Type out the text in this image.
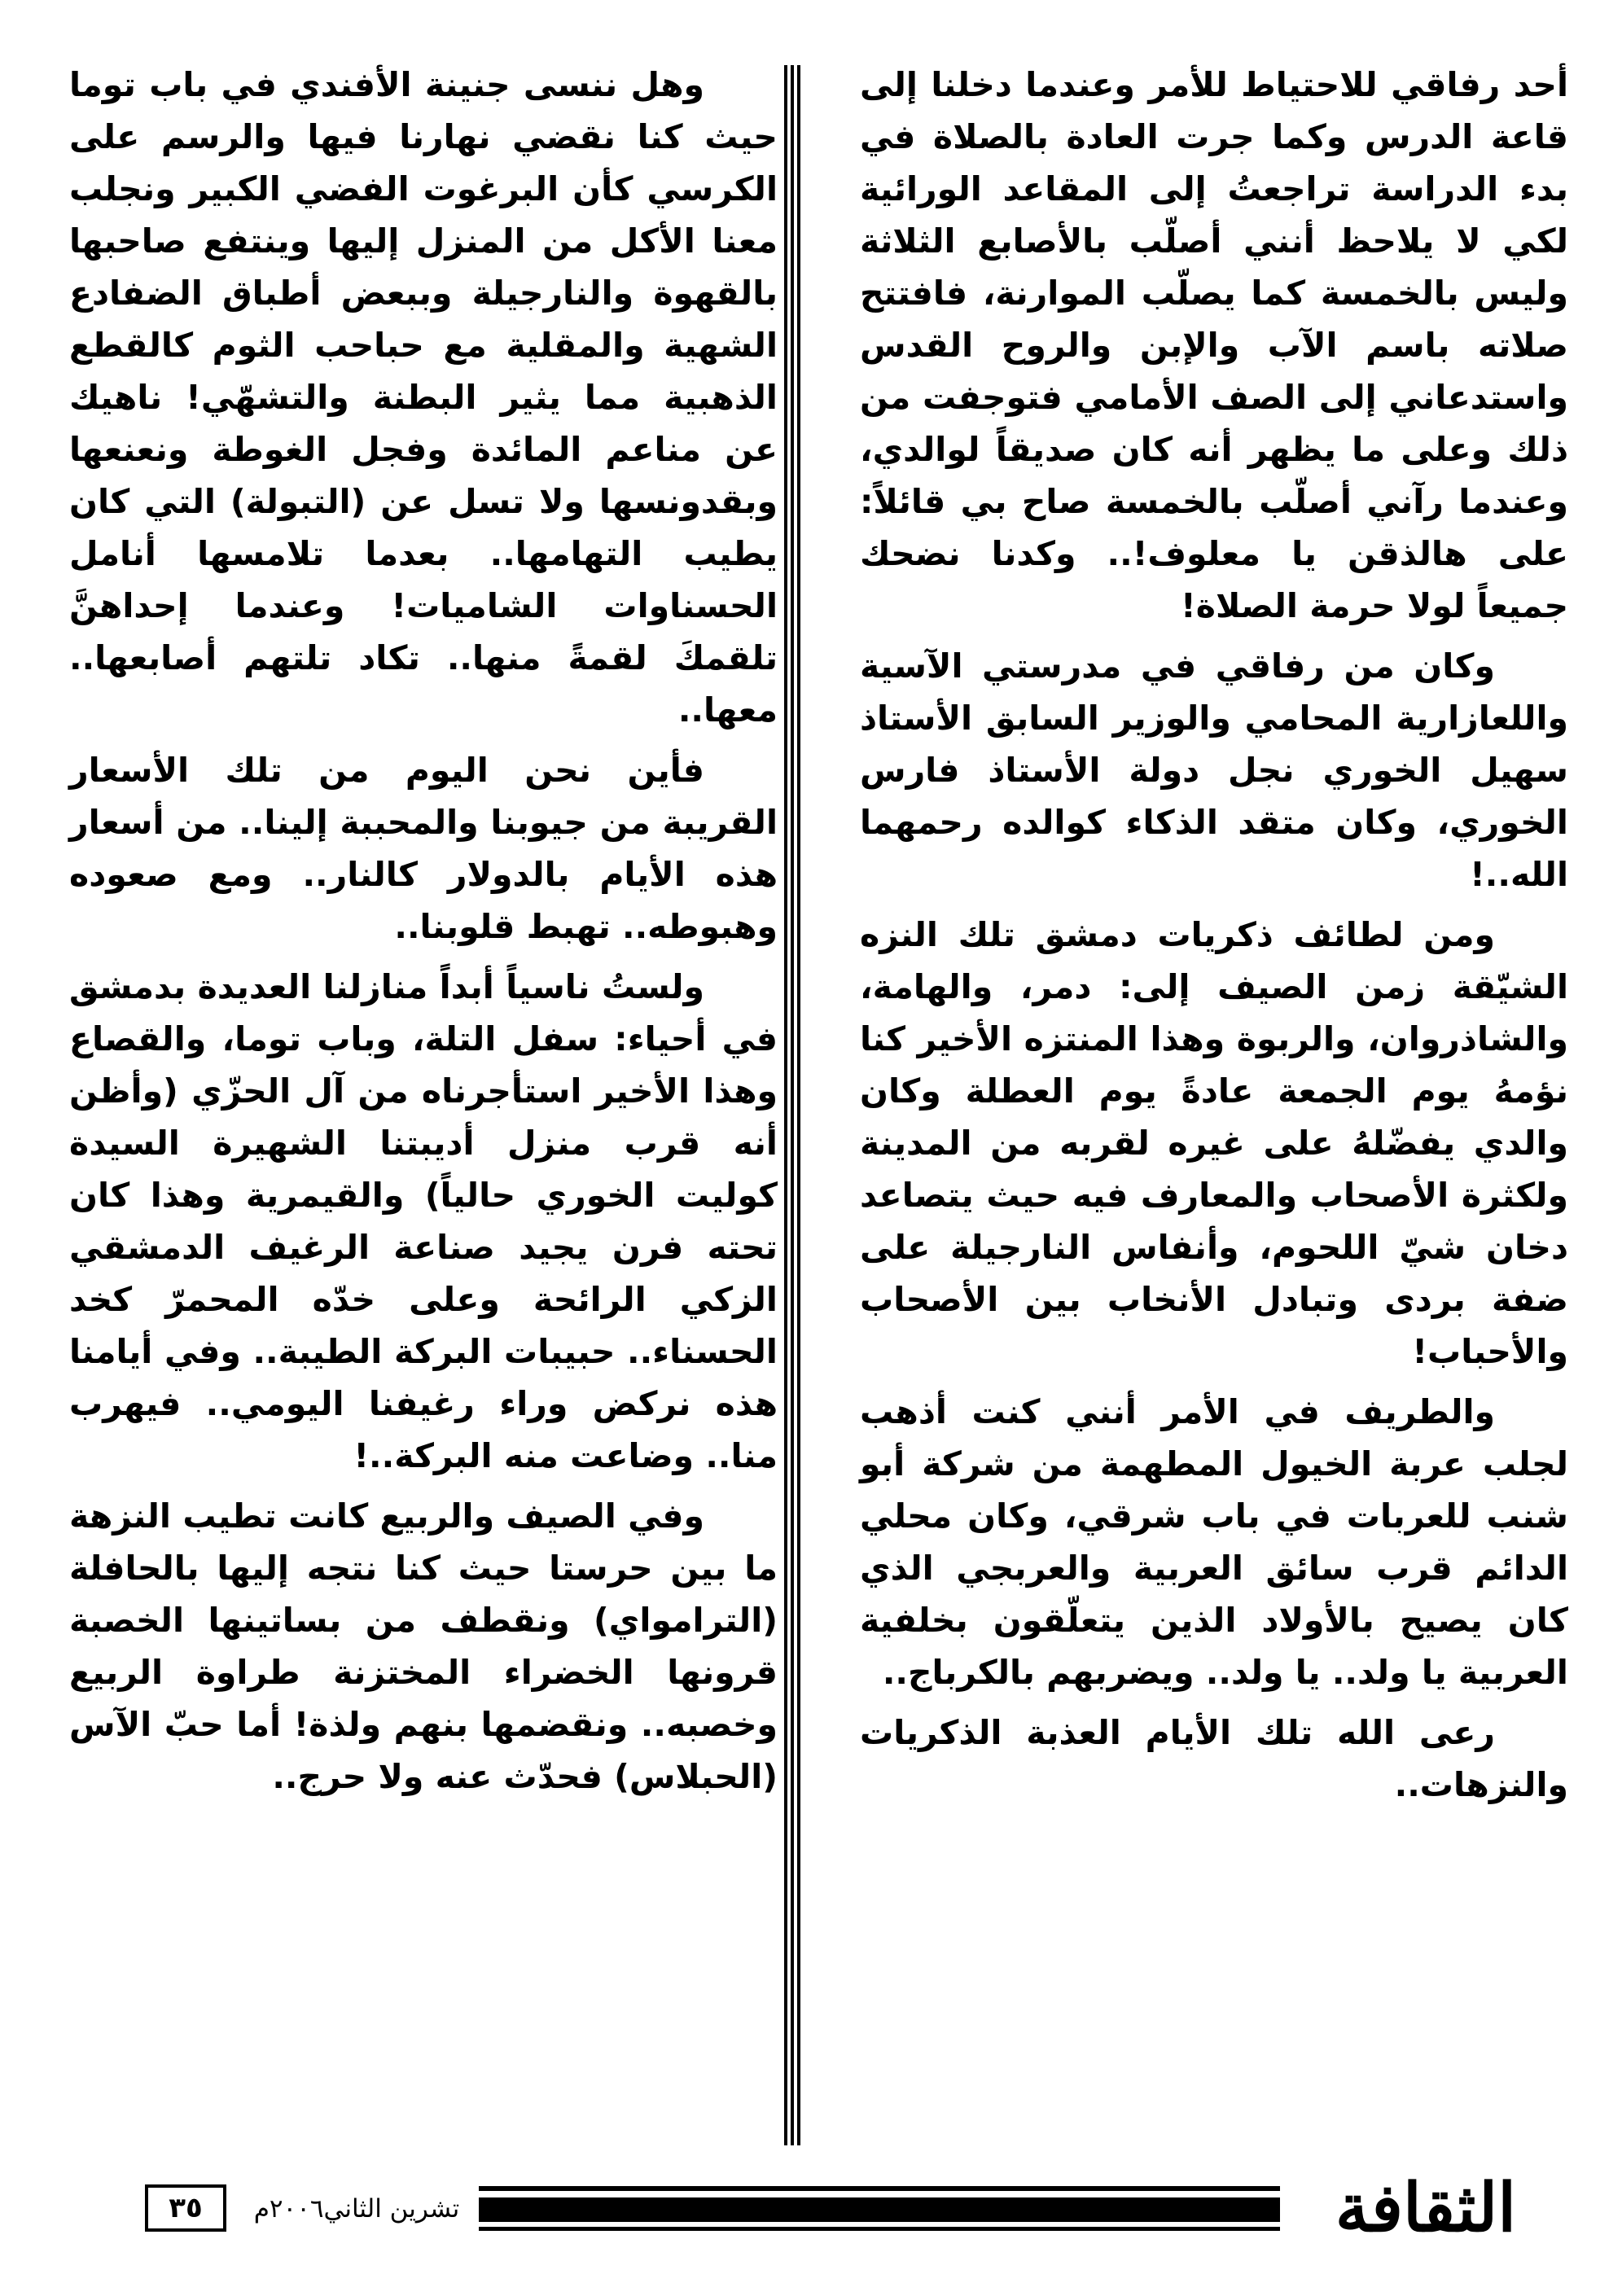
أحد رفاقي للاحتياط للأمر وعندما دخلنا إلى قاعة الدرس وكما جرت العادة بالصلاة في بدء الدراسة تراجعتُ إلى المقاعد الورائية لكي لا يلاحظ أنني أصلّب بالأصابع الثلاثة وليس بالخمسة كما يصلّب الموارنة، فافتتح صلاته باسم الآب والإبن والروح القدس واستدعاني إلى الصف الأمامي فتوجفت من ذلك وعلى ما يظهر أنه كان صديقاً لوالدي، وعندما رآني أصلّب بالخمسة صاح بي قائلاً: على هالذقن يا معلوف!.. وكدنا نضحك جميعاً لولا حرمة الصلاة!

وكان من رفاقي في مدرستي الآسية واللعازارية المحامي والوزير السابق الأستاذ سهيل الخوري نجل دولة الأستاذ فارس الخوري، وكان متقد الذكاء كوالده رحمهما الله..!

ومن لطائف ذكريات دمشق تلك النزه الشيّقة زمن الصيف إلى: دمر، والهامة، والشاذروان، والربوة وهذا المنتزه الأخير كنا نؤمهُ يوم الجمعة عادةً يوم العطلة وكان والدي يفضّلهُ على غيره لقربه من المدينة ولكثرة الأصحاب والمعارف فيه حيث يتصاعد دخان شيّ اللحوم، وأنفاس النارجيلة على ضفة بردى وتبادل الأنخاب بين الأصحاب والأحباب!

والطريف في الأمر أنني كنت أذهب لجلب عربة الخيول المطهمة من شركة أبو شنب للعربات في باب شرقي، وكان محلي الدائم قرب سائق العربية والعربجي الذي كان يصيح بالأولاد الذين يتعلّقون بخلفية العربية يا ولد.. يا ولد.. ويضربهم بالكرباج..

رعى الله تلك الأيام العذبة الذكريات والنزهات..

وهل ننسى جنينة الأفندي في باب توما حيث كنا نقضي نهارنا فيها والرسم على الكرسي كأن البرغوت الفضي الكبير ونجلب معنا الأكل من المنزل إليها وينتفع صاحبها بالقهوة والنارجيلة وببعض أطباق الضفادع الشهية والمقلية مع حباحب الثوم كالقطع الذهبية مما يثير البطنة والتشهّي! ناهيك عن مناعم المائدة وفجل الغوطة ونعنعها وبقدونسها ولا تسل عن (التبولة) التي كان يطيب التهامها.. بعدما تلامسها أنامل الحسناوات الشاميات! وعندما إحداهنَّ تلقمكَ لقمةً منها.. تكاد تلتهم أصابعها.. معها..

فأين نحن اليوم من تلك الأسعار القريبة من جيوبنا والمحببة إلينا.. من أسعار هذه الأيام بالدولار كالنار.. ومع صعوده وهبوطه.. تهبط قلوبنا..

ولستُ ناسياً أبداً منازلنا العديدة بدمشق في أحياء: سفل التلة، وباب توما، والقصاع وهذا الأخير استأجرناه من آل الحزّي (وأظن أنه قرب منزل أديبتنا الشهيرة السيدة كوليت الخوري حالياً) والقيمرية وهذا كان تحته فرن يجيد صناعة الرغيف الدمشقي الزكي الرائحة وعلى خدّه المحمرّ كخد الحسناء.. حبيبات البركة الطيبة.. وفي أيامنا هذه نركض وراء رغيفنا اليومي.. فيهرب منا.. وضاعت منه البركة..!

وفي الصيف والربيع كانت تطيب النزهة ما بين حرستا حيث كنا نتجه إليها بالحافلة (الترامواي) ونقطف من بساتينها الخصبة قرونها الخضراء المختزنة طراوة الربيع وخصبه.. ونقضمها بنهم ولذة! أما حبّ الآس (الحبلاس) فحدّث عنه ولا حرج..

الثقافة
تشرين الثاني٢٠٠٦م
٣٥
